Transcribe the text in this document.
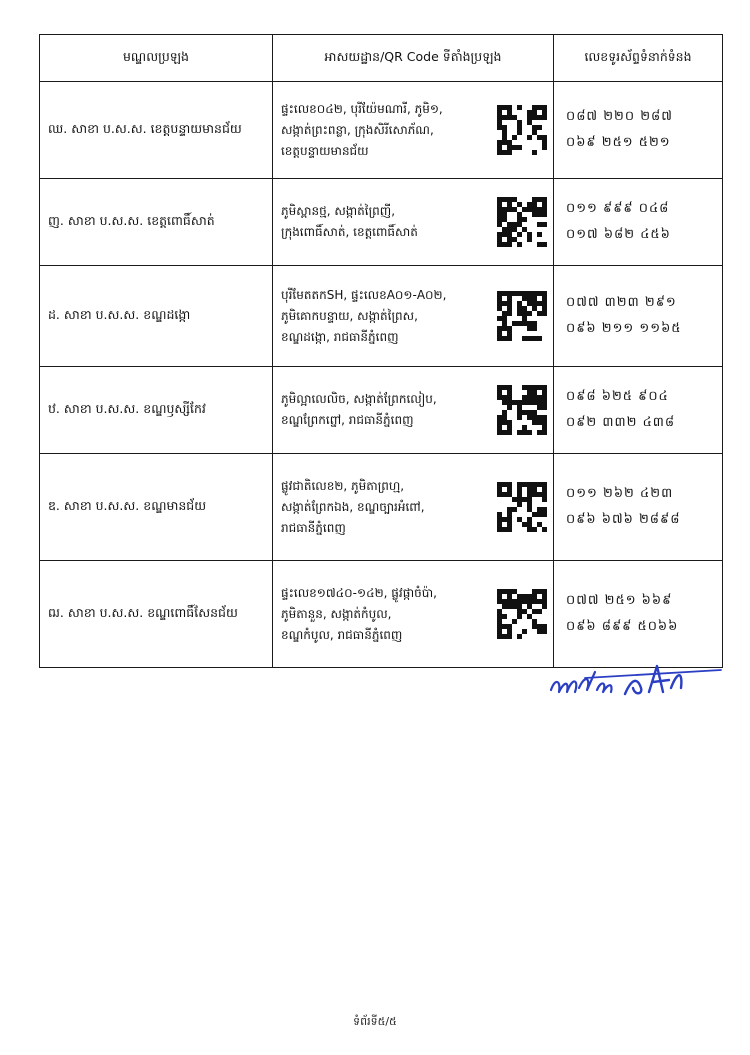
មណ្ឌលប្រឡង	អាសយដ្ឋាន/QR Code ទីតាំងប្រឡង	លេខទូរស័ព្ទទំនាក់ទំនង
ឈ. សាខា ប.ស.ស. ខេត្តបន្ទាយមានជ័យ	ផ្ទះលេខ០៤២, បុរីយ៉ែមណារី, ភូមិ១,
សង្កាត់ព្រះពន្លា, ក្រុងសិរីសោភ័ណ,
ខេត្តបន្ទាយមានជ័យ	០៨៧ ២២០ ២៨៧
០៦៩ ២៥១ ៥២១

ញ. សាខា ប.ស.ស. ខេត្តពោធិ៍សាត់	ភូមិស្ពានថ្ម, សង្កាត់ព្រៃញី,
ក្រុងពោធិ៍សាត់, ខេត្តពោធិ៍សាត់	០១១ ៩៩៩ ០៤៨
០១៧ ៦៨២ ៤៥៦

ដ. សាខា ប.ស.ស. ខណ្ឌដង្កោ	បុរីមែតតកSH, ផ្ទះលេខA០១-A០២,
ភូមិគោកបន្ទាយ, សង្កាត់ព្រៃស,
ខណ្ឌដង្កោ, រាជធានីភ្នំពេញ	០៧៧ ៣២៣ ២៩១
០៩៦ ២១១ ១១៦៥

ឋ. សាខា ប.ស.ស. ខណ្ឌឫស្សីកែវ	ភូមិល្អាលេលិច, សង្កាត់ព្រែកលៀប,
ខណ្ឌព្រែកព្នៅ, រាជធានីភ្នំពេញ	០៩៨ ៦២៥ ៩០៤
០៩២ ៣៣២ ៤៣៨

ឌ. សាខា ប.ស.ស. ខណ្ឌមានជ័យ	ផ្លូវជាតិលេខ២, ភូមិតាព្រហ្ម,
សង្កាត់ព្រែកឯង, ខណ្ឌច្បារអំពៅ,
រាជធានីភ្នំពេញ	០១១ ២៦២ ៤២៣
០៩៦ ៦៧៦ ២៨៩៨

ឍ. សាខា ប.ស.ស. ខណ្ឌពោធិ៍សែនជ័យ	ផ្ទះលេខ១៧៤០-១៤២, ផ្លូវផ្កាចំប៉ា,
ភូមិតានួន, សង្កាត់កំបូល,
ខណ្ឌកំបូល, រាជធានីភ្នំពេញ	០៧៧ ២៥១ ៦៦៩
០៩៦ ៨៩៩ ៥០៦៦
ទំព័រទី៥/៥
